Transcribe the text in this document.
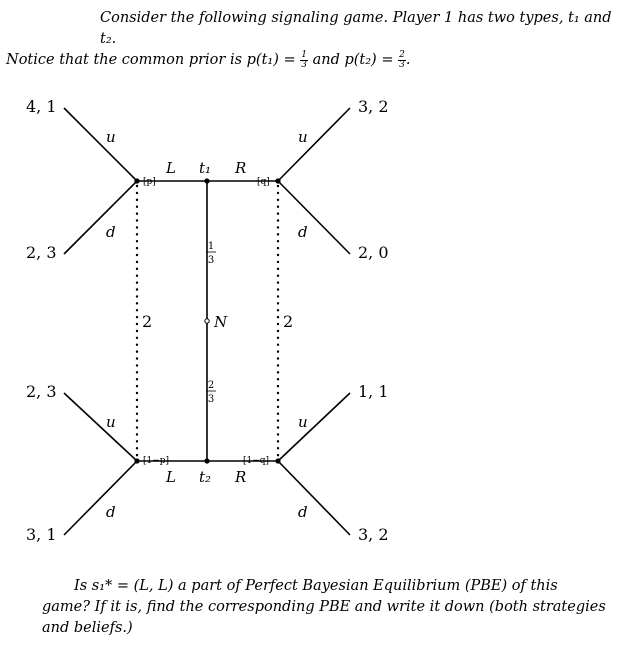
Consider the following signaling game. Player 1 has two types, t₁ and t₂.
Notice that the common prior is $p(t_1) = \frac{1}{3}$ and $p(t_2) = \frac{2}{3}$ .
L t₁ R
L t₂ R
N
1
3
2
3
2	2
[p]	[q]
[1−p]	[1−q]
u
d
u
d
u
d
u
d
4, 1
2, 3
2, 3
3, 1
3, 2
2, 0
1, 1
3, 2
Is s₁* = (L, L) a part of Perfect Bayesian Equilibrium (PBE) of this
game? If it is, find the corresponding PBE and write it down (both strategies
and beliefs.)
